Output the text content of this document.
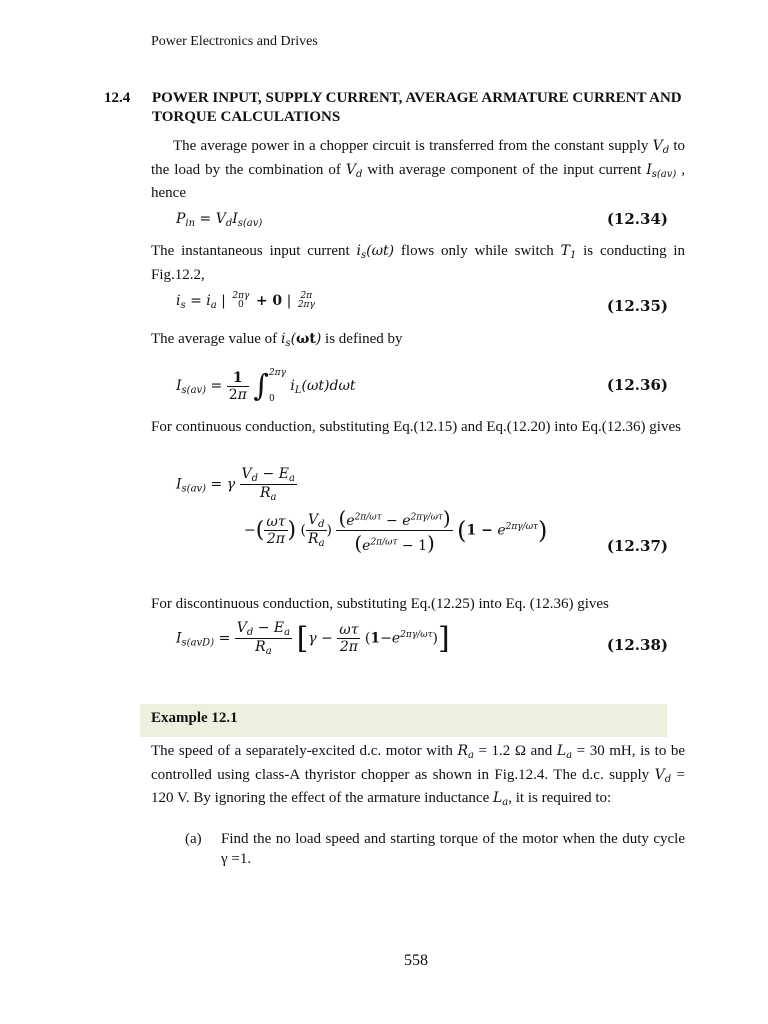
Power Electronics and Drives
12.4 POWER INPUT, SUPPLY CURRENT, AVERAGE ARMATURE CURRENT AND TORQUE CALCULATIONS
The average power in a chopper circuit is transferred from the constant supply $V_d$ to the load by the combination of $V_d$ with average component of the input current $I_{s(av)}$ , hence
$P_{in} = V_dI_{s(av)}$	(12.34)
The instantaneous input current $i_s(\omega t)$ flows only while switch $T_1$ is conducting in Fig.12.2,
$i_s = i_a$ | 2πγ
0 + 0 |	2π
2πγ	(12.35)
The average value of $i_s(\omega t)$ is defined by
$I_{s(av)} = \frac{1}{2\pi}$ ∫ 2πγ
0
$i_L(\omega t)d\omega t$	(12.36)
For continuous conduction, substituting Eq.(12.15) and Eq.(12.20) into Eq.(12.36) gives
$I_{s(av)} = \gamma \frac{V_d - E_a}{R_a}$
−( $\frac{\omega\tau}{2\pi}$ ) ( $\frac{V_d}{R_a}$ ) $\frac{(e^{2\pi/\omega\tau} - e^{2\pi\gamma/\omega\tau})}{(e^{2\pi/\omega\tau} - 1)} (1 - e^{2\pi\gamma/\omega\tau})$
(12.37)
For discontinuous conduction, substituting Eq.(12.25) into Eq. (12.36) gives
$I_{s(avD)} = \frac{V_d - E_a}{R_a} [\gamma - \frac{\omega\tau}{2\pi} (1-e^{2\pi\gamma/\omega\tau})]$	(12.38)
Example 12.1
The speed of a separately-excited d.c. motor with $R_a = 1.2$ Ω and $L_a = 30$ mH, is to be controlled using class-A thyristor chopper as shown in Fig.12.4. The d.c. supply $V_d = 120$ V. By ignoring the effect of the armature inductance $L_a$, it is required to:
(a) Find the no load speed and starting torque of the motor when the duty cycle γ =1.
558
